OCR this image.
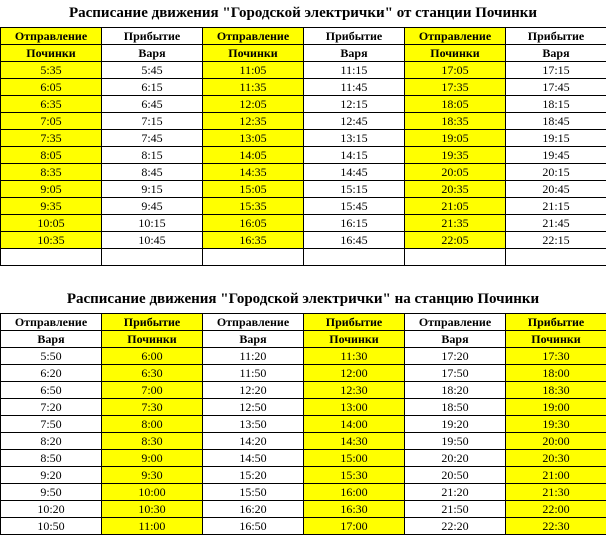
Расписание движения "Городской электрички" от станции Починки
Отправление	Прибытие	Отправление	Прибытие	Отправление	Прибытие
Починки	Варя	Починки	Варя	Починки	Варя
5:35	5:45	11:05	11:15	17:05	17:15
6:05	6:15	11:35	11:45	17:35	17:45
6:35	6:45	12:05	12:15	18:05	18:15
7:05	7:15	12:35	12:45	18:35	18:45
7:35	7:45	13:05	13:15	19:05	19:15
8:05	8:15	14:05	14:15	19:35	19:45
8:35	8:45	14:35	14:45	20:05	20:15
9:05	9:15	15:05	15:15	20:35	20:45
9:35	9:45	15:35	15:45	21:05	21:15
10:05	10:15	16:05	16:15	21:35	21:45
10:35	10:45	16:35	16:45	22:05	22:15

Расписание движения "Городской электрички" на станцию Починки
Отправление	Прибытие	Отправление	Прибытие	Отправление	Прибытие
Варя	Починки	Варя	Починки	Варя	Починки
5:50	6:00	11:20	11:30	17:20	17:30
6:20	6:30	11:50	12:00	17:50	18:00
6:50	7:00	12:20	12:30	18:20	18:30
7:20	7:30	12:50	13:00	18:50	19:00
7:50	8:00	13:50	14:00	19:20	19:30
8:20	8:30	14:20	14:30	19:50	20:00
8:50	9:00	14:50	15:00	20:20	20:30
9:20	9:30	15:20	15:30	20:50	21:00
9:50	10:00	15:50	16:00	21:20	21:30
10:20	10:30	16:20	16:30	21:50	22:00
10:50	11:00	16:50	17:00	22:20	22:30
